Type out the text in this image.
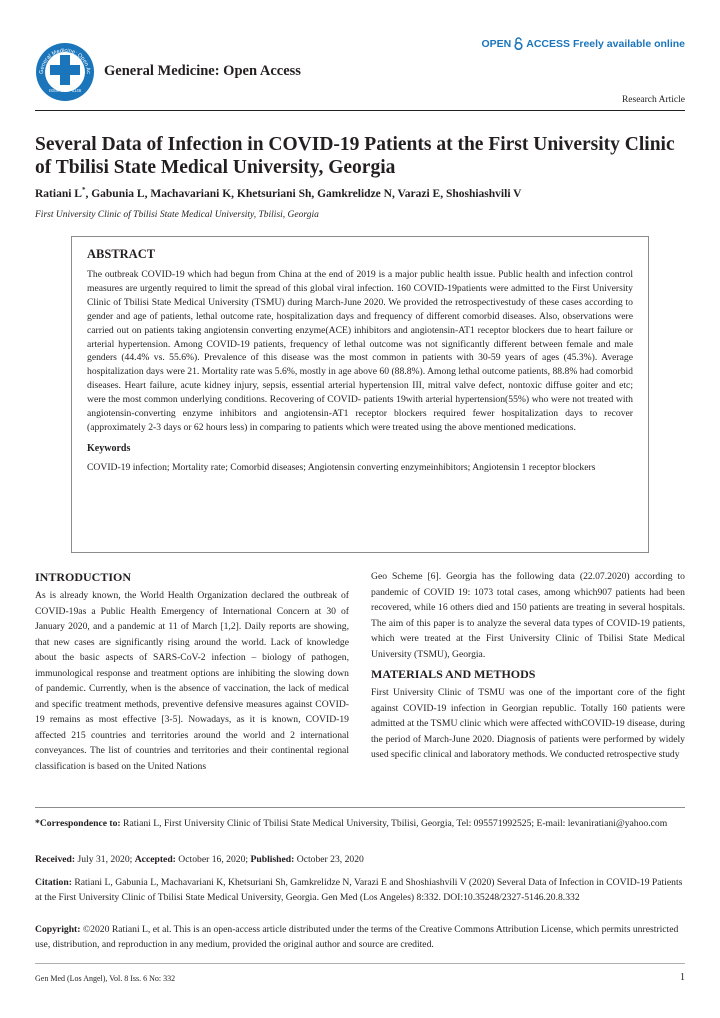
OPEN ACCESS Freely available online
General Medicine: Open Ac
ISSN: 2327-5146
General Medicine: Open Access
Research Article
Several Data of Infection in COVID-19 Patients at the First University Clinic of Tbilisi State Medical University, Georgia
Ratiani L*, Gabunia L, Machavariani K, Khetsuriani Sh, Gamkrelidze N, Varazi E, Shoshiashvili V
First University Clinic of Tbilisi State Medical University, Tbilisi, Georgia
ABSTRACT

The outbreak COVID-19 which had begun from China at the end of 2019 is a major public health issue. Public health and infection control measures are urgently required to limit the spread of this global viral infection. 160 COVID-19patients were admitted to the First University Clinic of Tbilisi State Medical University (TSMU) during March-June 2020. We provided the retrospectivestudy of these cases according to gender and age of patients, lethal outcome rate, hospitalization days and frequency of different comorbid diseases. Also, observations were carried out on patients taking angiotensin converting enzyme(ACE) inhibitors and angiotensin-AT1 receptor blockers due to heart failure or arterial hypertension. Among COVID-19 patients, frequency of lethal outcome was not significantly different between female and male genders (44.4% vs. 55.6%). Prevalence of this disease was the most common in patients with 30-59 years of ages (45.3%). Average hospitalization days were 21. Mortality rate was 5.6%, mostly in age above 60 (88.8%). Among lethal outcome patients, 88.8% had comorbid diseases. Heart failure, acute kidney injury, sepsis, essential arterial hypertension III, mitral valve defect, nontoxic diffuse goiter and etc; were the most common underlying conditions. Recovering of COVID- patients 19with arterial hypertension(55%) who were not treated with angiotensin-converting enzyme inhibitors and angiotensin-AT1 receptor blockers required fewer hospitalization days to recover (approximately 2-3 days or 62 hours less) in comparing to patients which were treated using the above mentioned medications.

Keywords

COVID-19 infection; Mortality rate; Comorbid diseases; Angiotensin converting enzymeinhibitors; Angiotensin 1 receptor blockers

INTRODUCTION

As is already known, the World Health Organization declared the outbreak of COVID-19as a Public Health Emergency of International Concern at 30 of January 2020, and a pandemic at 11 of March [1,2]. Daily reports are showing, that new cases are significantly rising around the world. Lack of knowledge about the basic aspects of SARS-CoV-2 infection – biology of pathogen, immunological response and treatment options are inhibiting the slowing down of pandemic. Currently, when is the absence of vaccination, the lack of medical and specific treatment methods, preventive defensive measures against COVID-19 remains as most effective [3-5]. Nowadays, as it is known, COVID-19 affected 215 countries and territories around the world and 2 international conveyances. The list of countries and territories and their continental regional classification is based on the United Nations

Geo Scheme [6]. Georgia has the following data (22.07.2020) according to pandemic of COVID 19: 1073 total cases, among which907 patients had been recovered, while 16 others died and 150 patients are treating in several hospitals. The aim of this paper is to analyze the several data types of COVID-19 patients, which were treated at the First University Clinic of Tbilisi State Medical University (TSMU), Georgia.

MATERIALS AND METHODS

First University Clinic of TSMU was one of the important core of the fight against COVID-19 infection in Georgian republic. Totally 160 patients were admitted at the TSMU clinic which were affected withCOVID-19 disease, during the period of March-June 2020. Diagnosis of patients were performed by widely used specific clinical and laboratory methods. We conducted retrospective study

*Correspondence to: Ratiani L, First University Clinic of Tbilisi State Medical University, Tbilisi, Georgia, Tel: 095571992525; E-mail: levaniratiani@yahoo.com

Received: July 31, 2020; Accepted: October 16, 2020; Published: October 23, 2020

Citation: Ratiani L, Gabunia L, Machavariani K, Khetsuriani Sh, Gamkrelidze N, Varazi E and Shoshiashvili V (2020) Several Data of Infection in COVID-19 Patients at the First University Clinic of Tbilisi State Medical University, Georgia. Gen Med (Los Angeles) 8:332. DOI:10.35248/2327-5146.20.8.332

Copyright: ©2020 Ratiani L, et al. This is an open-access article distributed under the terms of the Creative Commons Attribution License, which permits unrestricted use, distribution, and reproduction in any medium, provided the original author and source are credited.

Gen Med (Los Angel), Vol. 8 Iss. 6 No: 332	1
